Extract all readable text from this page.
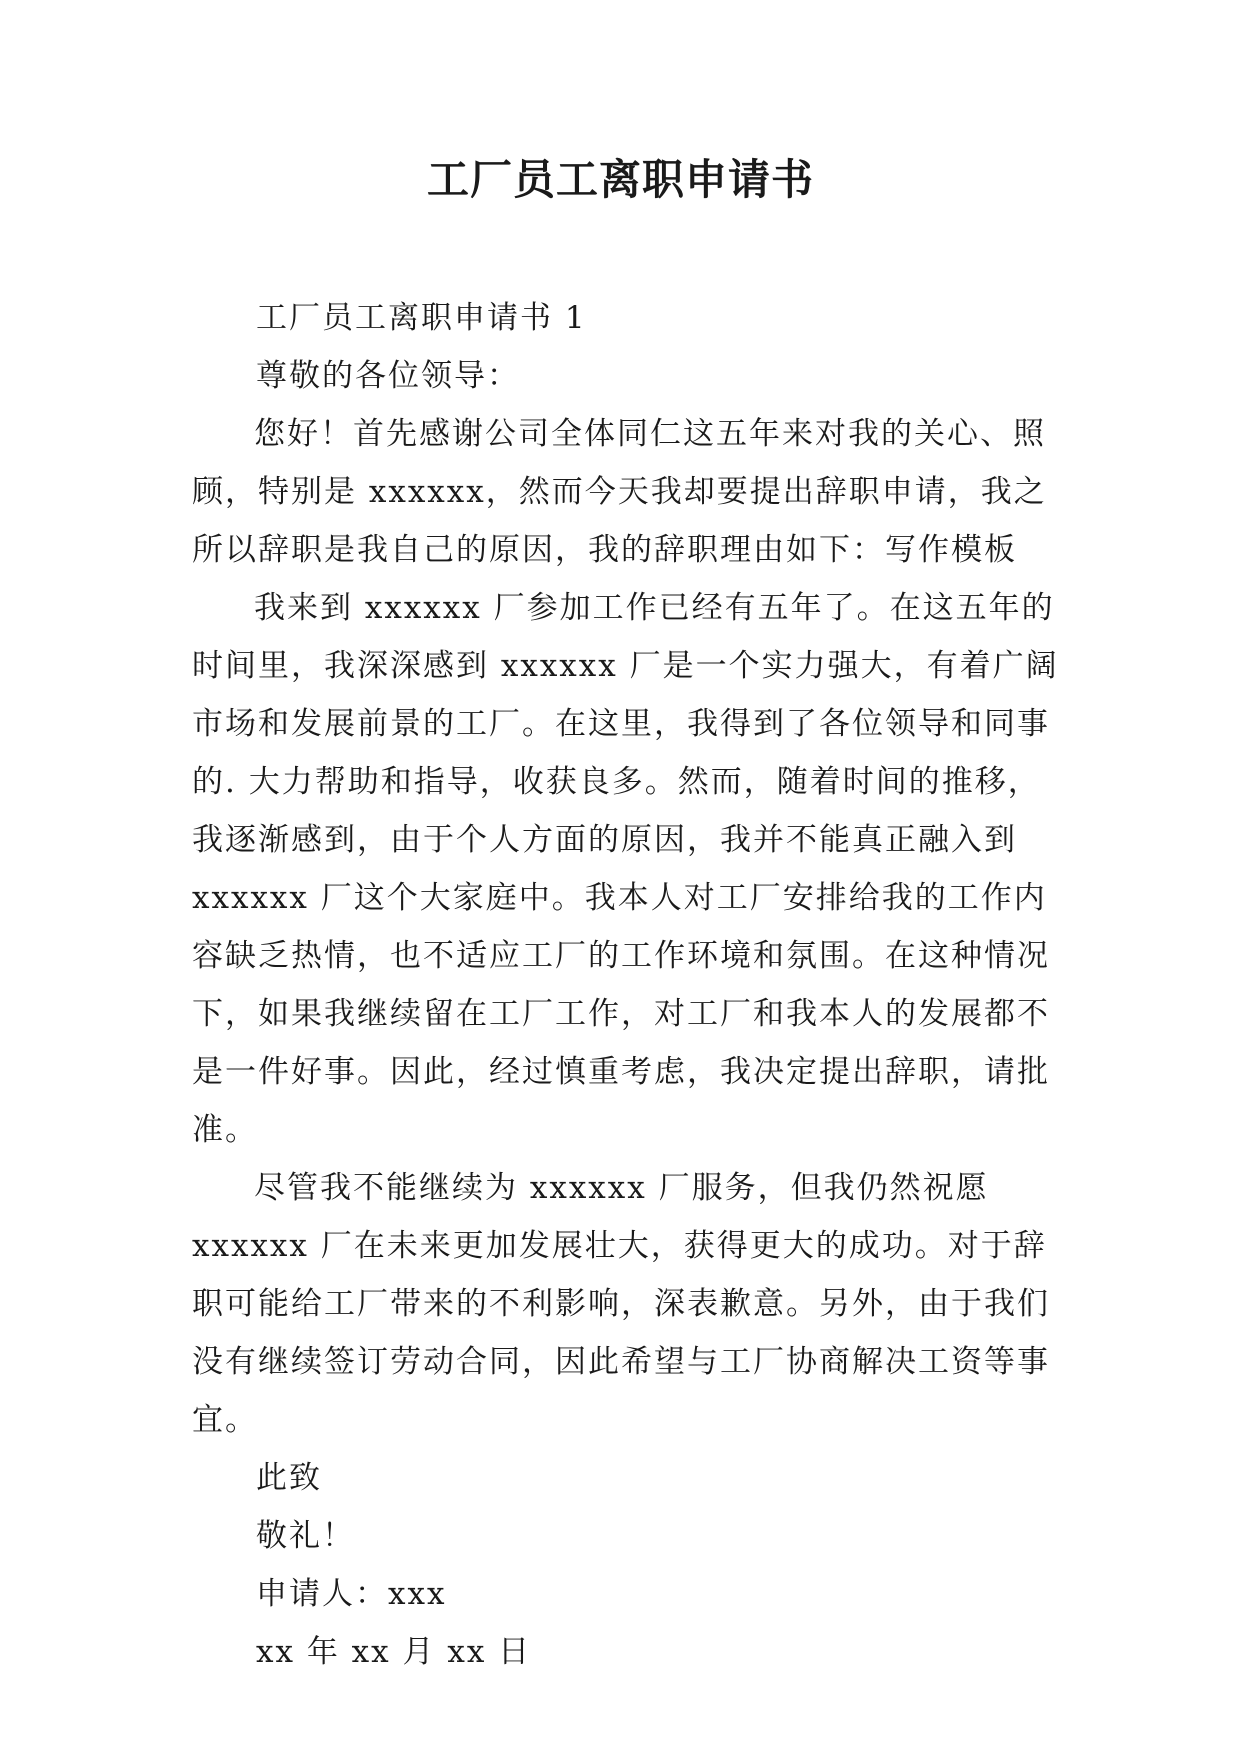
工厂员工离职申请书

工厂员工离职申请书 1

尊敬的各位领导：

您好！首先感谢公司全体同仁这五年来对我的关心、照顾，特别是 xxxxxx，然而今天我却要提出辞职申请，我之所以辞职是我自己的原因，我的辞职理由如下：写作模板

我来到 xxxxxx 厂参加工作已经有五年了。在这五年的时间里，我深深感到 xxxxxx 厂是一个实力强大，有着广阔市场和发展前景的工厂。在这里，我得到了各位领导和同事的. 大力帮助和指导，收获良多。然而，随着时间的推移，我逐渐感到，由于个人方面的原因，我并不能真正融入到 xxxxxx 厂这个大家庭中。我本人对工厂安排给我的工作内容缺乏热情，也不适应工厂的工作环境和氛围。在这种情况下，如果我继续留在工厂工作，对工厂和我本人的发展都不是一件好事。因此，经过慎重考虑，我决定提出辞职，请批准。

尽管我不能继续为 xxxxxx 厂服务，但我仍然祝愿 xxxxxx 厂在未来更加发展壮大，获得更大的成功。对于辞职可能给工厂带来的不利影响，深表歉意。另外，由于我们没有继续签订劳动合同，因此希望与工厂协商解决工资等事宜。

此致

敬礼！

申请人：xxx

xx 年 xx 月 xx 日
